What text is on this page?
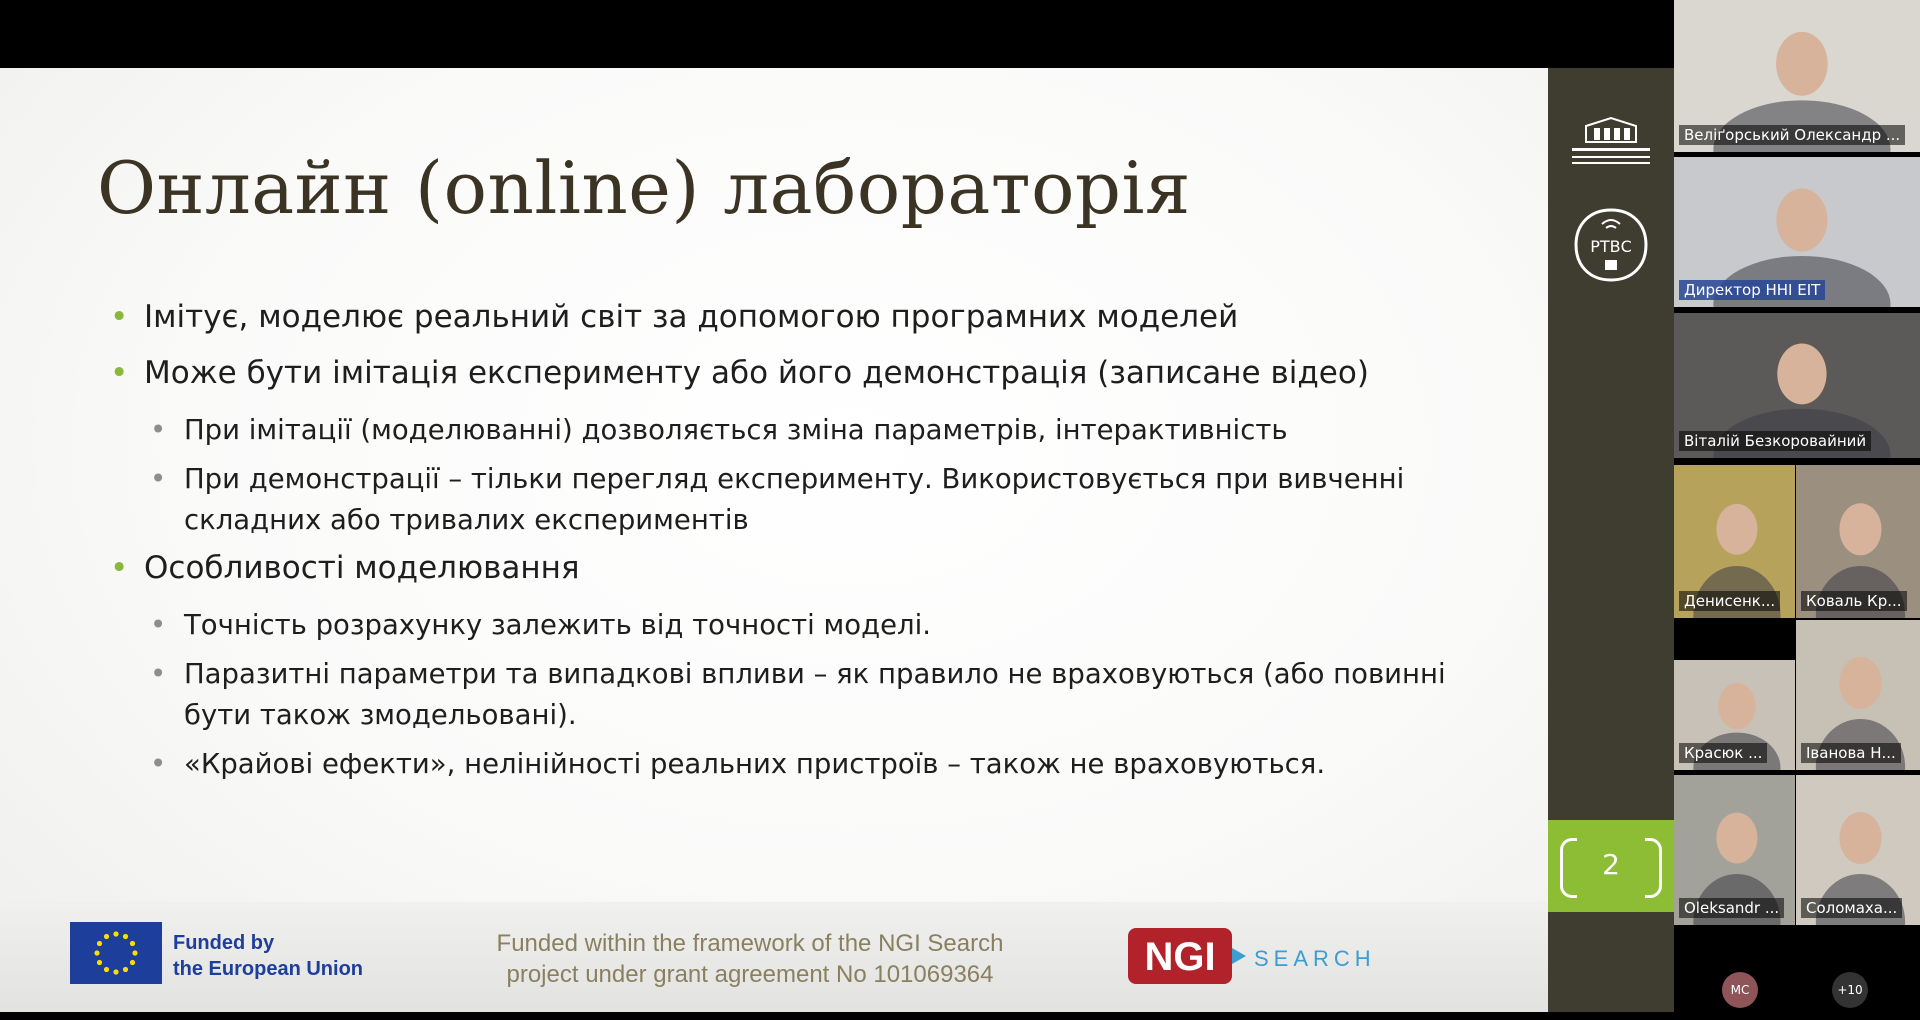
Онлайн (online) лабораторія
• Імітує, моделює реальний світ за допомогою програмних моделей
• Може бути імітація експерименту або його демонстрація (записане відео)
• При імітації (моделюванні) дозволяється зміна параметрів, інтерактивність
• При демонстрації – тільки перегляд експерименту. Використовується при вивченні складних або тривалих експериментів
• Особливості моделювання
• Точність розрахунку залежить від точності моделі.
• Паразитні параметри та випадкові впливи – як правило не враховуються (або повинні бути також змодельовані).
• «Крайові ефекти», нелінійності реальних пристроїв – також не враховуються.
Funded by
the European Union
Funded within the framework of the NGI Search
project under grant agreement No 101069364	NGI SEARCH
РТВС
2
Веліґорський Олександр ...
Директор ННІ ЕІТ
Віталій Безкоровайний
Денисенк...	Коваль Кр...
Красюк ...	Іванова Н...
Oleksandr ...	Соломаха...
MC	+10
